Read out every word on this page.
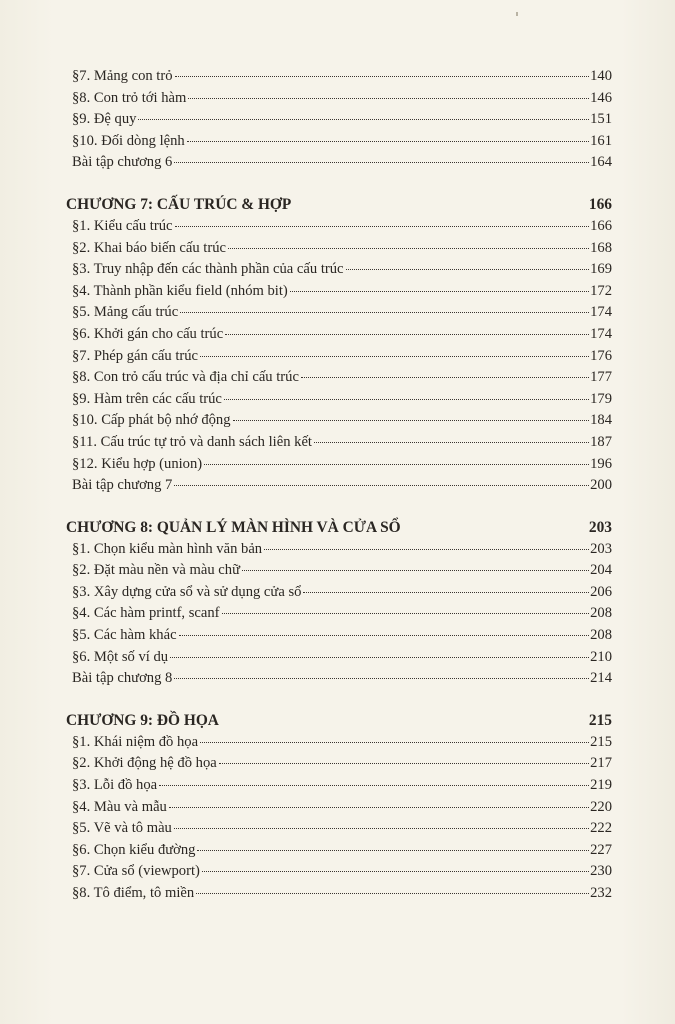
§7. Mảng con trỏ	140
§8. Con trỏ tới hàm	146
§9. Đệ quy	151
§10. Đối dòng lệnh	161
Bài tập chương 6	164
CHƯƠNG 7: CẤU TRÚC & HỢP	166
§1. Kiểu cấu trúc	166
§2. Khai báo biến cấu trúc	168
§3. Truy nhập đến các thành phần của cấu trúc	169
§4. Thành phần kiểu field (nhóm bit)	172
§5. Mảng cấu trúc	174
§6. Khởi gán cho cấu trúc	174
§7. Phép gán cấu trúc	176
§8. Con trỏ cấu trúc và địa chỉ cấu trúc	177
§9. Hàm trên các cấu trúc	179
§10. Cấp phát bộ nhớ động	184
§11. Cấu trúc tự trỏ và danh sách liên kết	187
§12. Kiểu hợp (union)	196
Bài tập chương 7	200
CHƯƠNG 8: QUẢN LÝ MÀN HÌNH VÀ CỬA SỔ	203
§1. Chọn kiểu màn hình văn bản	203
§2. Đặt màu nền và màu chữ	204
§3. Xây dựng cửa sổ và sử dụng cửa sổ	206
§4. Các hàm printf, scanf	208
§5. Các hàm khác	208
§6. Một số ví dụ	210
Bài tập chương 8	214
CHƯƠNG 9: ĐỒ HỌA	215
§1. Khái niệm đồ họa	215
§2. Khởi động hệ đồ họa	217
§3. Lỗi đồ họa	219
§4. Màu và mẫu	220
§5. Vẽ và tô màu	222
§6. Chọn kiểu đường	227
§7. Cửa sổ (viewport)	230
§8. Tô điểm, tô miền	232
